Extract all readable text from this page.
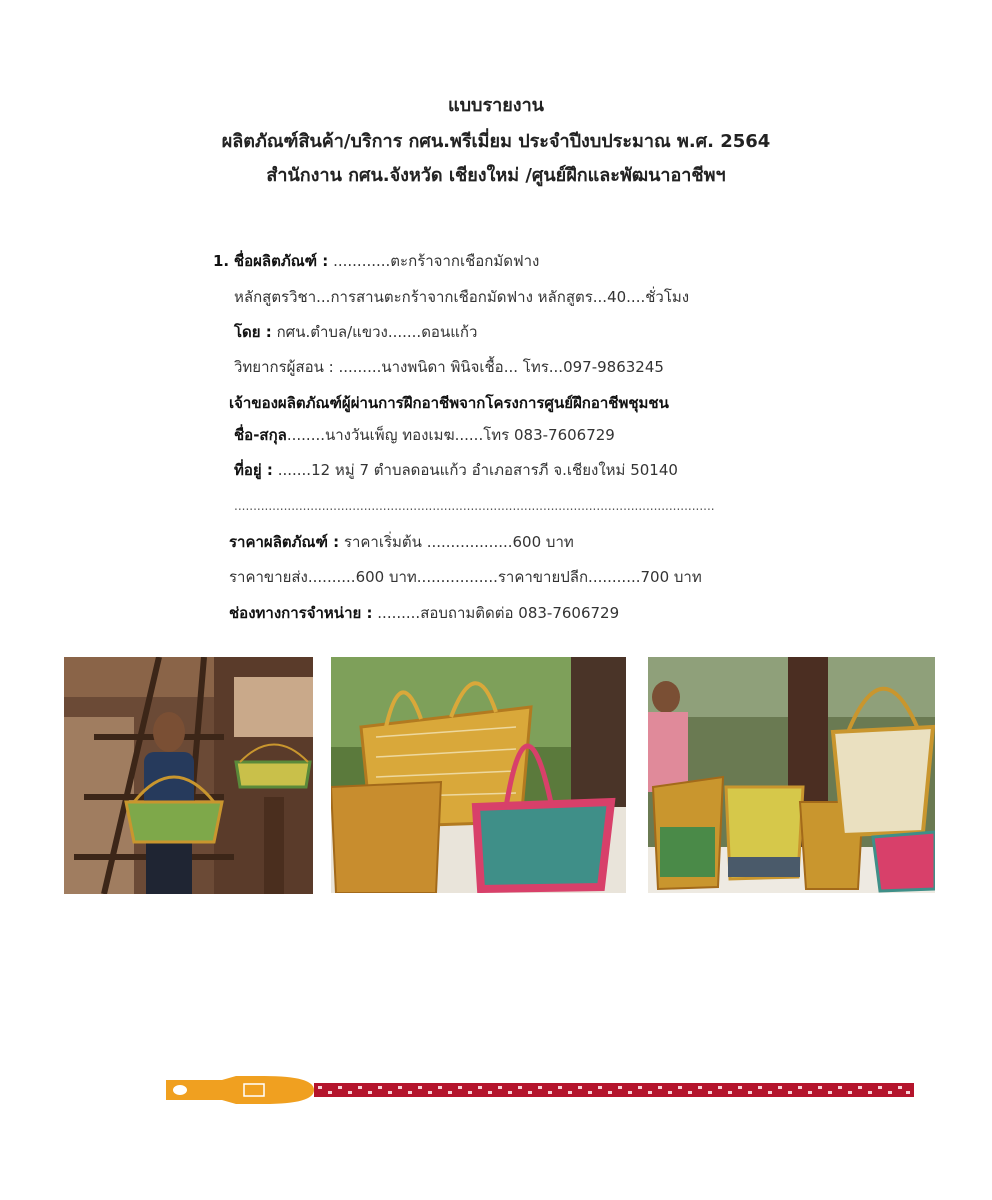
แบบรายงาน
ผลิตภัณฑ์สินค้า/บริการ กศน.พรีเมี่ยม ประจำปีงบประมาณ พ.ศ. 2564
สำนักงาน กศน.จังหวัด เชียงใหม่ /ศูนย์ฝึกและพัฒนาอาชีพฯ
1. ชื่อผลิตภัณฑ์ : ............ตะกร้าจากเชือกมัดฟาง
หลักสูตรวิชา...การสานตะกร้าจากเชือกมัดฟาง หลักสูตร...40....ชั่วโมง
โดย : กศน.ตำบล/แขวง.......ดอนแก้ว
วิทยากรผู้สอน : .........นางพนิดา พินิจเชื้อ... โทร...097-9863245
เจ้าของผลิตภัณฑ์ผู้ผ่านการฝึกอาชีพจากโครงการศูนย์ฝึกอาชีพชุมชน
ชื่อ-สกุล........นางวันเพ็ญ ทองเมฆ......โทร 083-7606729
ที่อยู่ : .......12 หมู่ 7 ตำบลดอนแก้ว อำเภอสารภี จ.เชียงใหม่ 50140
..............................................................................................................................
ราคาผลิตภัณฑ์ : ราคาเริ่มต้น ..................600 บาท
ราคาขายส่ง..........600 บาท.................ราคาขายปลีก...........700 บาท
ช่องทางการจำหน่าย : .........สอบถามติดต่อ 083-7606729
